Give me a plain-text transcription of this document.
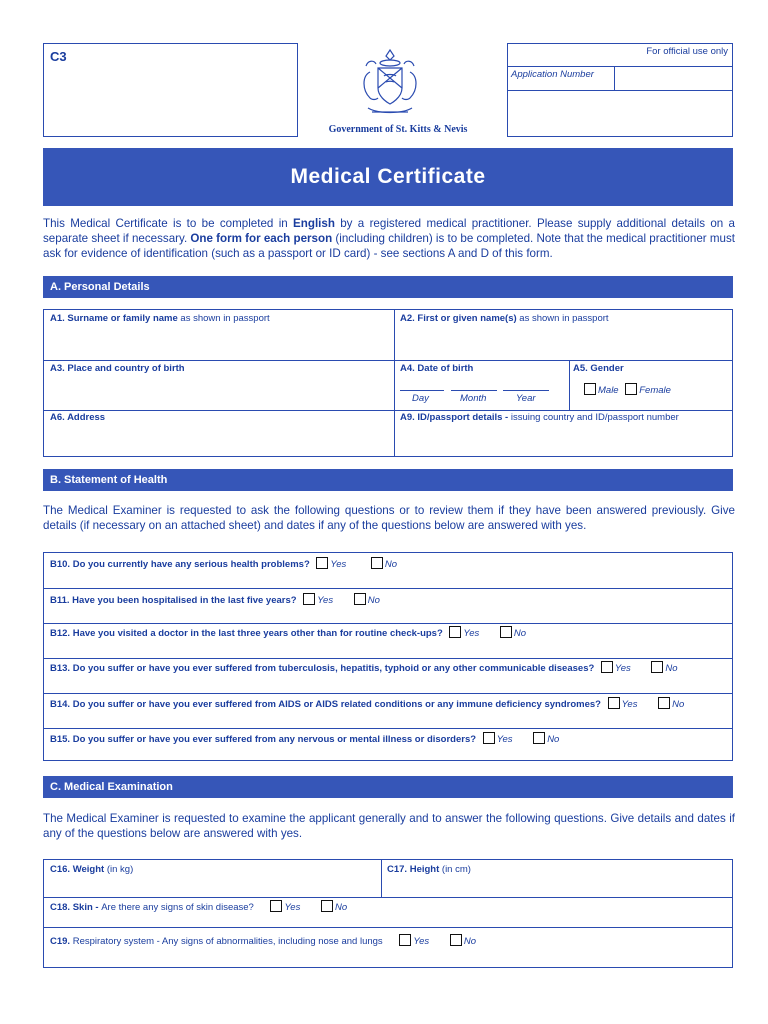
C3
Government of St. Kitts & Nevis
For official use only
Application Number
Medical Certificate
This Medical Certificate is to be completed in English by a registered medical practitioner. Please supply additional details on a separate sheet if necessary. One form for each person (including children) is to be completed. Note that the medical practitioner must ask for evidence of identification (such as a passport or ID card) - see sections A and D of this form.
A. Personal Details
A1. Surname or family name as shown in passport	A2. First or given name(s) as shown in passport
A3. Place and country of birth	A4. Date of birth
Day	Month	Year
A5. Gender
Male Female
A6. Address	A9. ID/passport details - issuing country and ID/passport number
B. Statement of Health
The Medical Examiner is requested to ask the following questions or to review them if they have been answered previously. Give details (if necessary on an attached sheet) and dates if any of the questions below are answered with yes.
B10. Do you currently have any serious health problems? Yes	No
B11. Have you been hospitalised in the last five years? Yes	No
B12. Have you visited a doctor in the last three years other than for routine check-ups? Yes	No
B13. Do you suffer or have you ever suffered from tuberculosis, hepatitis, typhoid or any other communicable diseases? Yes	No
B14. Do you suffer or have you ever suffered from AIDS or AIDS related conditions or any immune deficiency syndromes? Yes	No
B15. Do you suffer or have you ever suffered from any nervous or mental illness or disorders? Yes	No
C. Medical Examination
The Medical Examiner is requested to examine the applicant generally and to answer the following questions. Give details and dates if any of the questions below are answered with yes.
C16. Weight (in kg)	C17. Height (in cm)
C18. Skin - Are there any signs of skin disease?	Yes	No
C19. Respiratory system - Any signs of abnormalities, including nose and lungs	Yes	No
